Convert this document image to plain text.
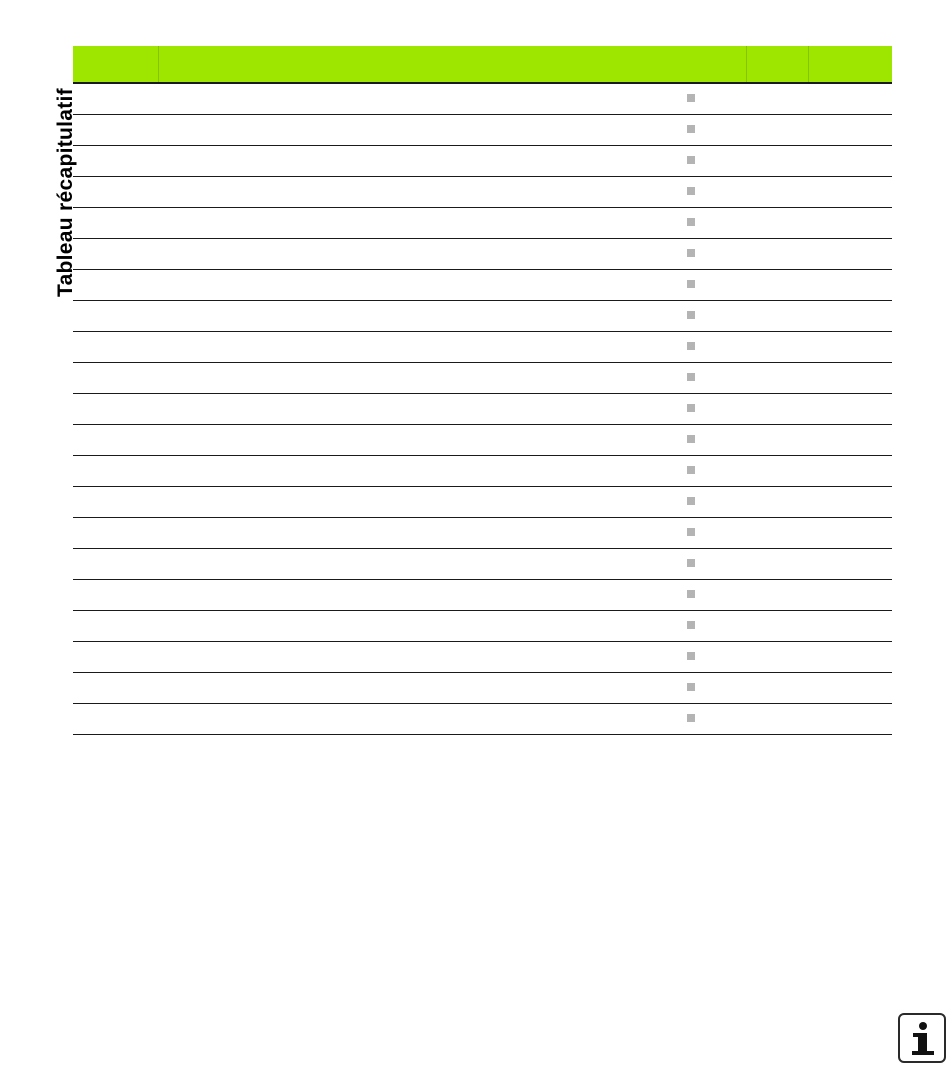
Tableau récapitulatif
